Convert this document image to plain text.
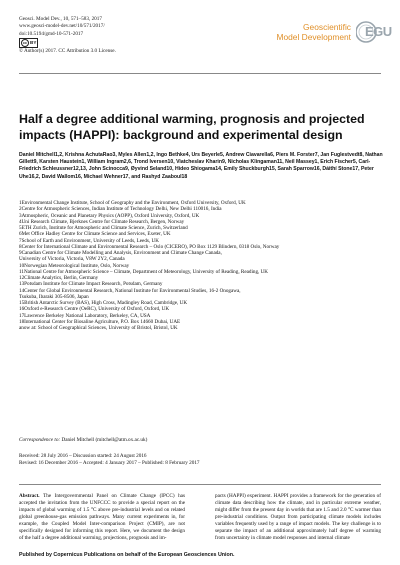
Geosci. Model Dev., 10, 571–583, 2017
www.geosci-model-dev.net/10/571/2017/
doi:10.5194/gmd-10-571-2017
cc BY
© Author(s) 2017. CC Attribution 3.0 License.
Geoscientific
Model Development EGU
Half a degree additional warming, prognosis and projected impacts (HAPPI): background and experimental design
Daniel Mitchell1,2, Krishna AchutaRao3, Myles Allen1,2, Ingo Bethke4, Urs Beyerle5, Andrew Ciavarella6, Piers M. Forster7, Jan Fuglestvedt8, Nathan Gillett9, Karsten Haustein1, William Ingram2,6, Trond Iversen10, Viatcheslav Kharin9, Nicholas Klingaman11, Neil Massey1, Erich Fischer5, Carl-Friedrich Schleussner12,13, John Scinocca9, Øyvind Seland10, Hideo Shiogama14, Emily Shuckburgh15, Sarah Sparrow16, Dáithí Stone17, Peter Uhe16,2, David Wallom16, Michael Wehner17, and Rashyd Zaaboul18
1Environmental Change Institute, School of Geography and the Environment, Oxford University, Oxford, UK
2Centre for Atmospheric Sciences, Indian Institute of Technology Delhi, New Delhi 110016, India
3Atmospheric, Oceanic and Planetary Physics (AOPP), Oxford University, Oxford, UK
4Uni Research Climate, Bjerknes Centre for Climate Research, Bergen, Norway
5ETH Zurich, Institute for Atmospheric and Climate Science, Zurich, Switzerland
6Met Office Hadley Centre for Climate Science and Services, Exeter, UK
7School of Earth and Environment, University of Leeds, Leeds, UK
8Center for International Climate and Environmental Research – Oslo (CICERO), PO Box 1129 Blindern, 0318 Oslo, Norway
9Canadian Centre for Climate Modelling and Analysis, Environment and Climate Change Canada,
University of Victoria, Victoria, V8W 2Y2, Canada
10Norwegian Meteorological Institute, Oslo, Norway
11National Centre for Atmospheric Science – Climate, Department of Meteorology, University of Reading, Reading, UK
12Climate Analytics, Berlin, Germany
13Potsdam Institute for Climate Impact Research, Potsdam, Germany
14Center for Global Environmental Research, National Institute for Environmental Studies, 16-2 Onogawa,
Tsukuba, Ibaraki 305-8506, Japan
15British Antarctic Survey (BAS), High Cross, Madingley Road, Cambridge, UK
16Oxford e-Research Centre (OeRC), University of Oxford, Oxford, UK
17Lawrence Berkeley National Laboratory, Berkeley, CA, USA
18International Center for Biosaline Agriculture, P.O. Box 14660 Dubai, UAE
anow at: School of Geographical Sciences, University of Bristol, Bristol, UK
Correspondence to: Daniel Mitchell (mitchell@atm.ox.ac.uk)
Received: 28 July 2016 – Discussion started: 24 August 2016
Revised: 16 December 2016 – Accepted: 4 January 2017 – Published: 8 February 2017
Abstract. The Intergovernmental Panel on Climate Change (IPCC) has accepted the invitation from the UNFCCC to provide a special report on the impacts of global warming of 1.5 °C above pre-industrial levels and on related global greenhouse-gas emission pathways. Many current experiments in, for example, the Coupled Model Inter-comparison Project (CMIP), are not specifically designed for informing this report. Here, we document the design of the half a degree additional warming, projections, prognosis and im-
pacts (HAPPI) experiment. HAPPI provides a framework for the generation of climate data describing how the climate, and in particular extreme weather, might differ from the present day in worlds that are 1.5 and 2.0 °C warmer than pre-industrial conditions. Output from participating climate models includes variables frequently used by a range of impact models. The key challenge is to separate the impact of an additional approximately half degree of warming from uncertainty in climate model responses and internal climate
Published by Copernicus Publications on behalf of the European Geosciences Union.
